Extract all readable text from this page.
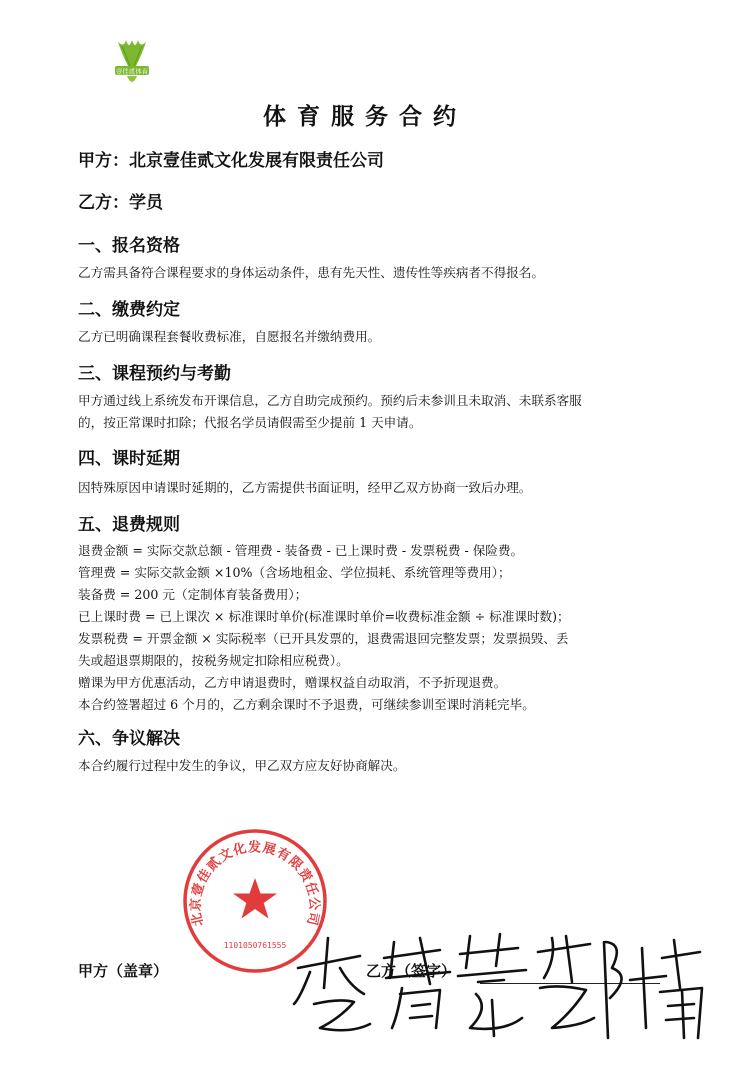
壹佳贰体育
体育服务合约
甲方：北京壹佳贰文化发展有限责任公司
乙方：学员
一、报名资格
乙方需具备符合课程要求的身体运动条件，患有先天性、遗传性等疾病者不得报名。
二、缴费约定
乙方已明确课程套餐收费标准，自愿报名并缴纳费用。
三、课程预约与考勤
甲方通过线上系统发布开课信息，乙方自助完成预约。预约后未参训且未取消、未联系客服
的，按正常课时扣除；代报名学员请假需至少提前 1 天申请。
四、课时延期
因特殊原因申请课时延期的，乙方需提供书面证明，经甲乙双方协商一致后办理。
五、退费规则
退费金额 = 实际交款总额 - 管理费 - 装备费 - 已上课时费 - 发票税费 - 保险费。
管理费 = 实际交款金额 ×10%（含场地租金、学位损耗、系统管理等费用）；
装备费 = 200 元（定制体育装备费用）；
已上课时费 = 已上课次 × 标准课时单价(标准课时单价=收费标准金额 ÷ 标准课时数)；
发票税费 = 开票金额 × 实际税率（已开具发票的，退费需退回完整发票；发票损毁、丢
失或超退票期限的，按税务规定扣除相应税费）。
赠课为甲方优惠活动，乙方申请退费时，赠课权益自动取消，不予折现退费。
本合约签署超过 6 个月的，乙方剩余课时不予退费，可继续参训至课时消耗完毕。
六、争议解决
本合约履行过程中发生的争议，甲乙双方应友好协商解决。
北京壹佳贰文化发展有限责任公司
1101050761555
甲方（盖章）	乙方（签字）
